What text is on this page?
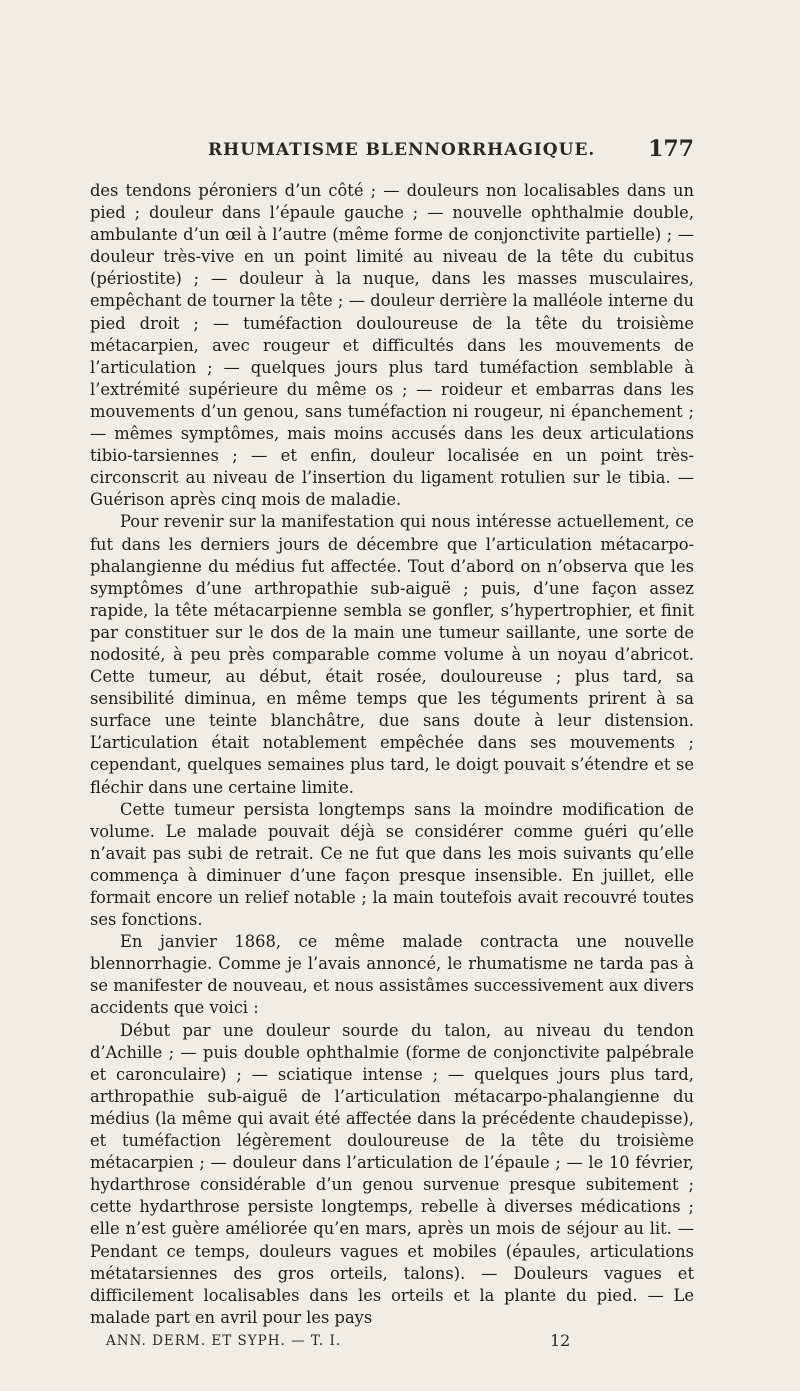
RHUMATISME BLENNORRHAGIQUE. 177

des tendons péroniers d’un côté ; — douleurs non localisables dans un pied ; douleur dans l’épaule gauche ; — nouvelle ophthalmie double, ambulante d’un œil à l’autre (même forme de conjonctivite partielle) ; — douleur très-vive en un point limité au niveau de la tête du cubitus (périostite) ; — douleur à la nuque, dans les masses musculaires, empêchant de tourner la tête ; — douleur derrière la malléole interne du pied droit ; — tuméfaction douloureuse de la tête du troisième métacarpien, avec rougeur et difficultés dans les mouvements de l’articulation ; — quelques jours plus tard tuméfaction semblable à l’extrémité supérieure du même os ; — roideur et embarras dans les mouvements d’un genou, sans tuméfaction ni rougeur, ni épanchement ; — mêmes symptômes, mais moins accusés dans les deux articulations tibio-tarsiennes ; — et enfin, douleur localisée en un point très-circonscrit au niveau de l’insertion du ligament rotulien sur le tibia. — Guérison après cinq mois de maladie.

Pour revenir sur la manifestation qui nous intéresse actuellement, ce fut dans les derniers jours de décembre que l’articulation métacarpo-phalangienne du médius fut affectée. Tout d’abord on n’observa que les symptômes d’une arthropathie sub-aiguë ; puis, d’une façon assez rapide, la tête métacarpienne sembla se gonfler, s’hypertrophier, et finit par constituer sur le dos de la main une tumeur saillante, une sorte de nodosité, à peu près comparable comme volume à un noyau d’abricot. Cette tumeur, au début, était rosée, douloureuse ; plus tard, sa sensibilité diminua, en même temps que les téguments prirent à sa surface une teinte blanchâtre, due sans doute à leur distension. L’articulation était notablement empêchée dans ses mouvements ; cependant, quelques semaines plus tard, le doigt pouvait s’étendre et se fléchir dans une certaine limite.

Cette tumeur persista longtemps sans la moindre modification de volume. Le malade pouvait déjà se considérer comme guéri qu’elle n’avait pas subi de retrait. Ce ne fut que dans les mois suivants qu’elle commença à diminuer d’une façon presque insensible. En juillet, elle formait encore un relief notable ; la main toutefois avait recouvré toutes ses fonctions.

En janvier 1868, ce même malade contracta une nouvelle blennorrhagie. Comme je l’avais annoncé, le rhumatisme ne tarda pas à se manifester de nouveau, et nous assistâmes successivement aux divers accidents que voici :

Début par une douleur sourde du talon, au niveau du tendon d’Achille ; — puis double ophthalmie (forme de conjonctivite palpébrale et caronculaire) ; — sciatique intense ; — quelques jours plus tard, arthropathie sub-aiguë de l’articulation métacarpo-phalangienne du médius (la même qui avait été affectée dans la précédente chaudepisse), et tuméfaction légèrement douloureuse de la tête du troisième métacarpien ; — douleur dans l’articulation de l’épaule ; — le 10 février, hydarthrose considérable d’un genou survenue presque subitement ; cette hydarthrose persiste longtemps, rebelle à diverses médications ; elle n’est guère améliorée qu’en mars, après un mois de séjour au lit. — Pendant ce temps, douleurs vagues et mobiles (épaules, articulations métatarsiennes des gros orteils, talons). — Douleurs vagues et difficilement localisables dans les orteils et la plante du pied. — Le malade part en avril pour les pays

ANN. DERM. ET SYPH. — T. I.	12
